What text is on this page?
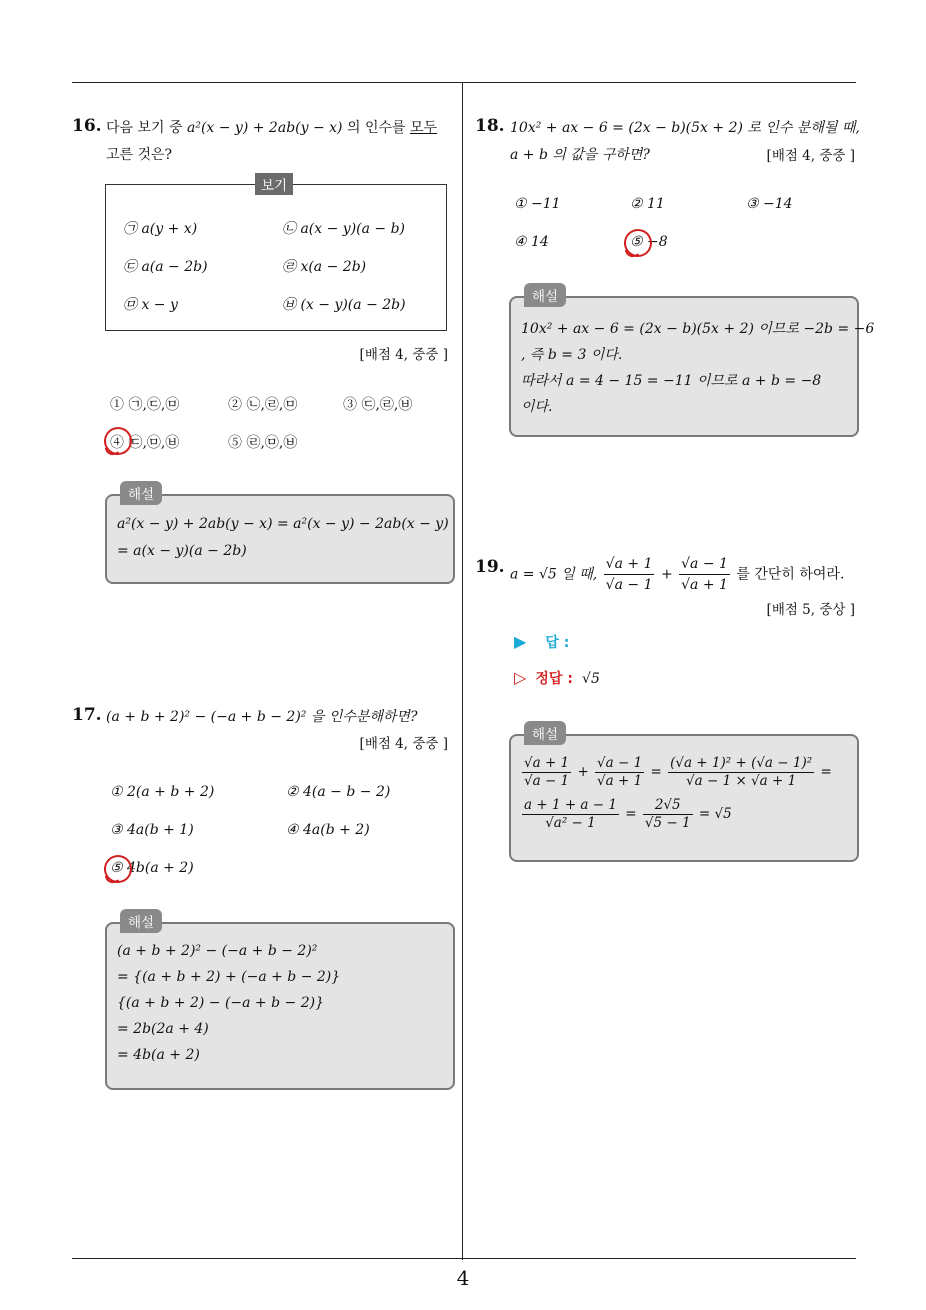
4
16. 다음 보기 중 a²(x − y) + 2ab(y − x) 의 인수를 모두
고른 것은?
보기
㉠ a(y + x)	㉡ a(x − y)(a − b)
㉢ a(a − 2b)	㉣ x(a − 2b)
㉤ x − y	㉥ (x − y)(a − 2b)
[배점 4, 중중 ]
① ㉠,㉢,㉤	② ㉡,㉣,㉤	③ ㉢,㉣,㉥
④ ㉢,㉤,㉥	⑤ ㉣,㉤,㉥
해설
a²(x − y) + 2ab(y − x) = a²(x − y) − 2ab(x − y)
= a(x − y)(a − 2b)
17. (a + b + 2)² − (−a + b − 2)² 을 인수분해하면?
[배점 4, 중중 ]
① 2(a + b + 2)	② 4(a − b − 2)
③ 4a(b + 1)	④ 4a(b + 2)
⑤ 4b(a + 2)
해설
(a + b + 2)² − (−a + b − 2)²
= {(a + b + 2) + (−a + b − 2)}
{(a + b + 2) − (−a + b − 2)}
= 2b(2a + 4)
= 4b(a + 2)
18. 10x² + ax − 6 = (2x − b)(5x + 2) 로 인수 분해될 때,
a + b 의 값을 구하면?	[배점 4, 중중 ]
① −11	② 11	③ −14
④ 14	⑤ −8
해설
10x² + ax − 6 = (2x − b)(5x + 2) 이므로 −2b = −6
, 즉 b = 3 이다.
따라서 a = 4 − 15 = −11 이므로 a + b = −8
이다.
19. a = √5 일 때, $\frac{√a + 1}{√a - 1} + \frac{√a - 1}{√a + 1}$ 를 간단히 하여라.
[배점 5, 중상 ]
▶ 답 :
▷ 정답 : √5
해설
$\frac{√a + 1}{√a - 1} + \frac{√a - 1}{√a + 1} = \frac{\text{(√a + 1)² + (√a − 1)²}}{√a - 1 \times √a + 1}$ =
$\frac{a + 1 + a - 1}{\text{√a² − 1}} = \frac{2√5}{√5 - 1} = √5$
